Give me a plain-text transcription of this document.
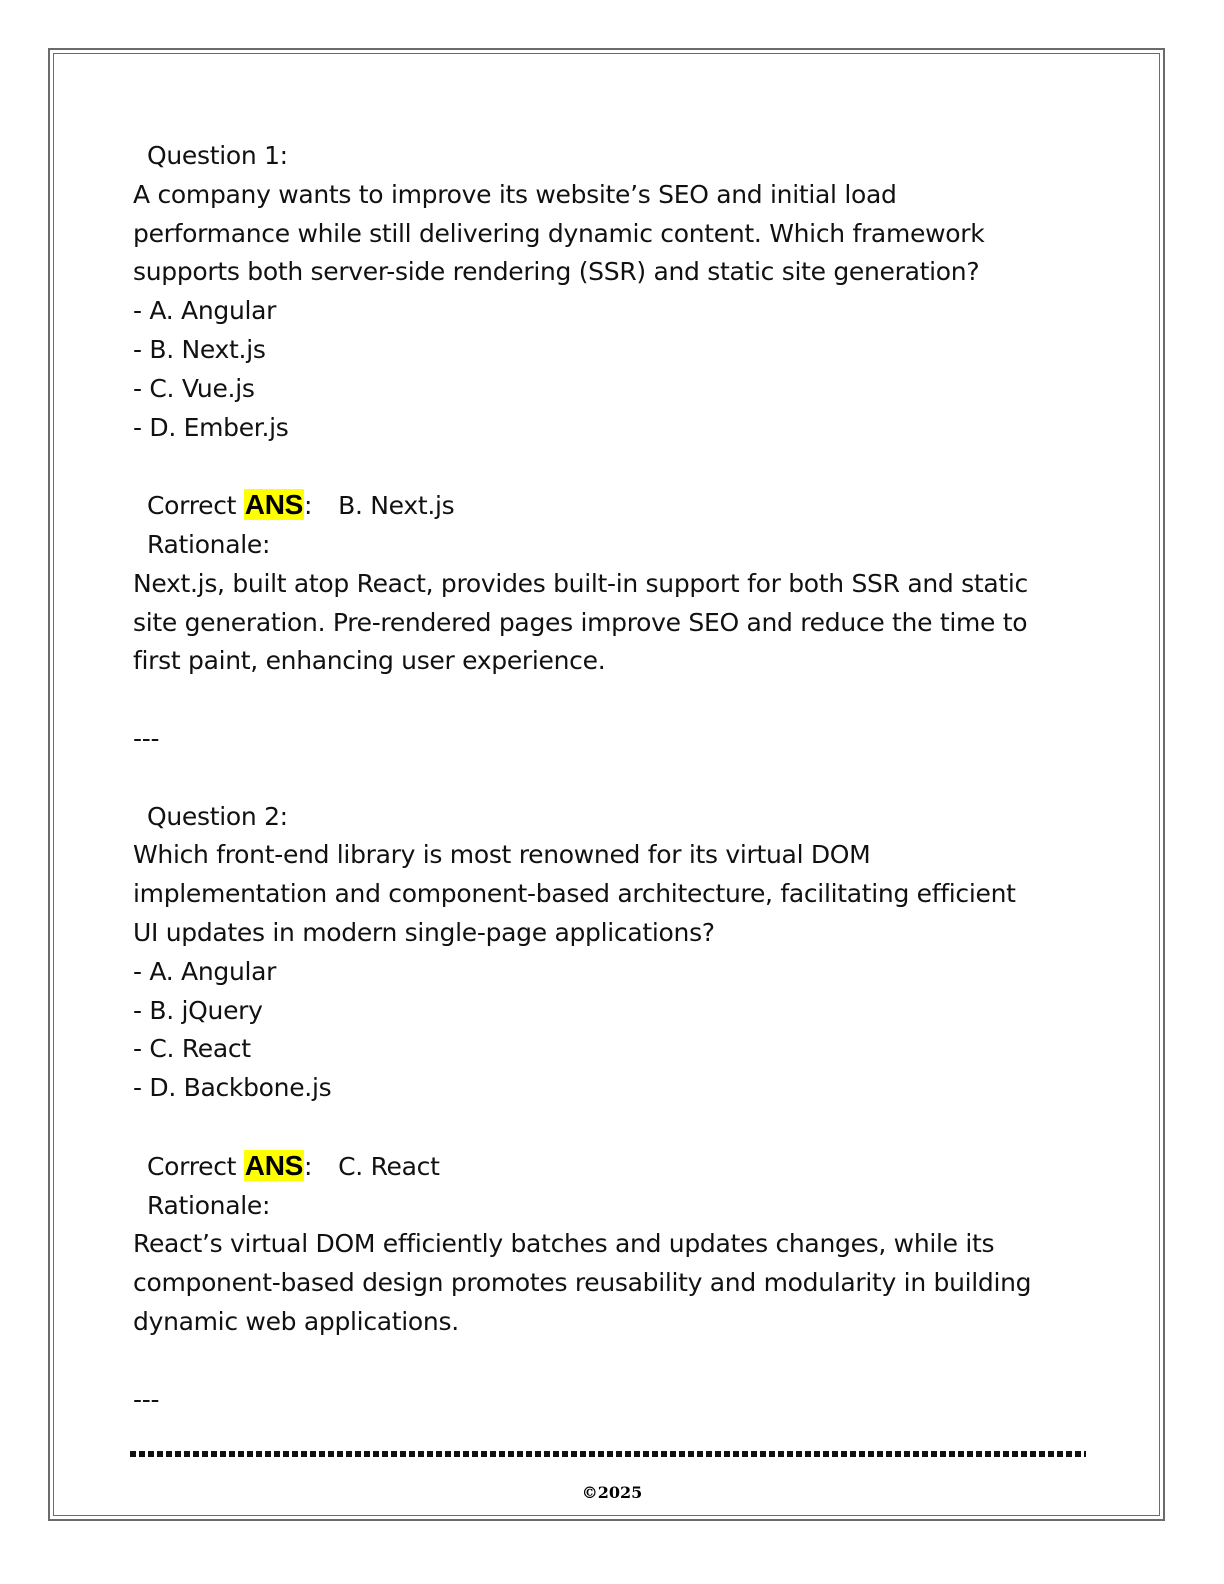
Question 1:
A company wants to improve its website’s SEO and initial load
performance while still delivering dynamic content. Which framework
supports both server-side rendering (SSR) and static site generation?
- A. Angular
- B. Next.js
- C. Vue.js
- D. Ember.js
Correct ANS: B. Next.js
Rationale:
Next.js, built atop React, provides built-in support for both SSR and static
site generation. Pre-rendered pages improve SEO and reduce the time to
first paint, enhancing user experience.
---
Question 2:
Which front-end library is most renowned for its virtual DOM
implementation and component-based architecture, facilitating efficient
UI updates in modern single-page applications?
- A. Angular
- B. jQuery
- C. React
- D. Backbone.js
Correct ANS: C. React
Rationale:
React’s virtual DOM efficiently batches and updates changes, while its
component-based design promotes reusability and modularity in building
dynamic web applications.
---
©2025
